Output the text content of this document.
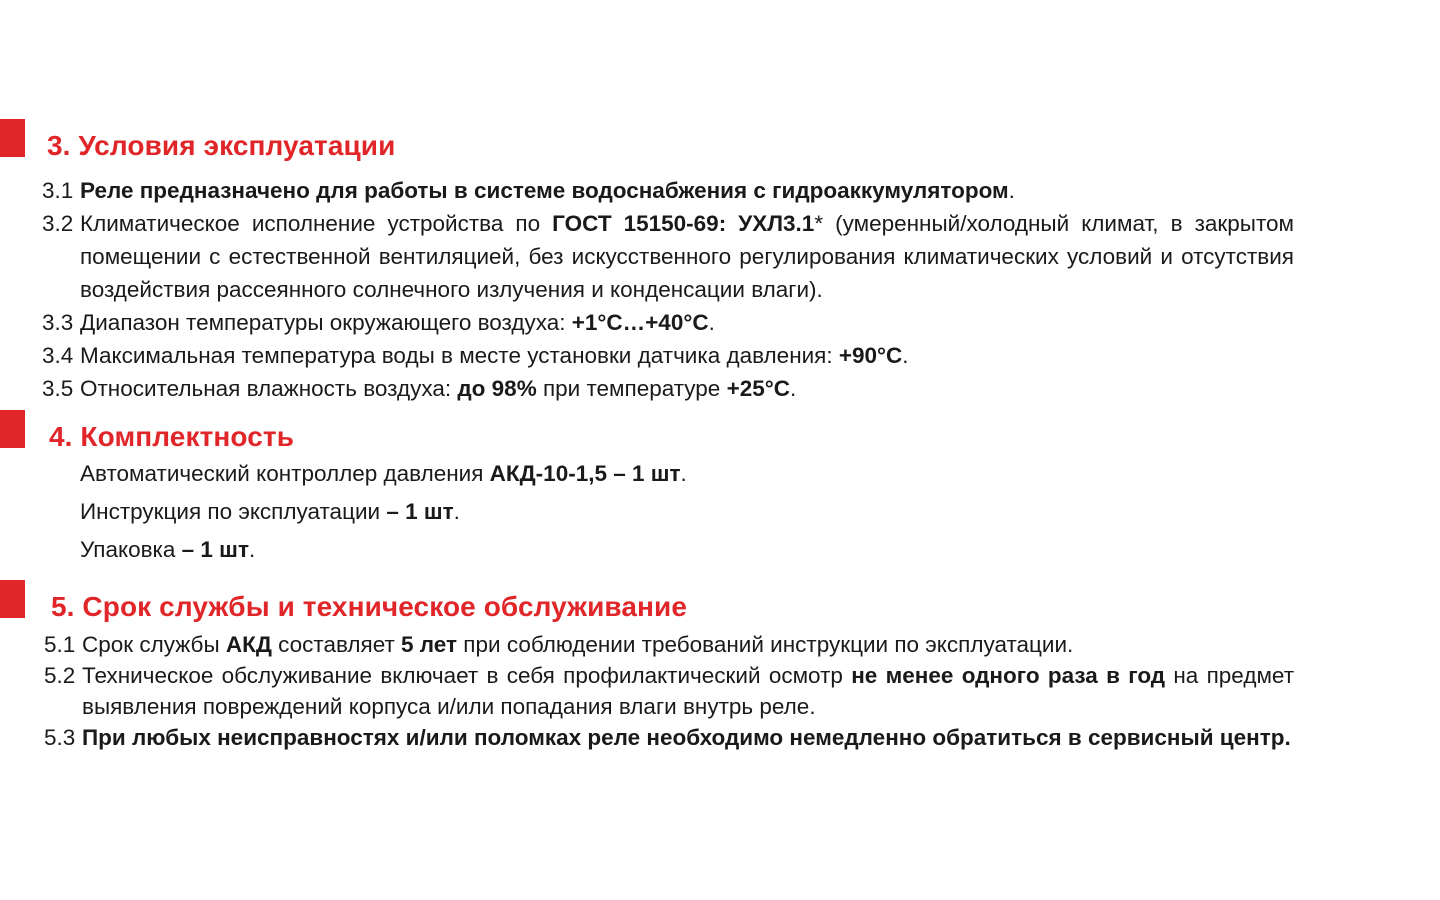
3. Условия эксплуатации
3.1 Реле предназначено для работы в системе водоснабжения с гидроаккумулятором.
3.2 Климатическое исполнение устройства по ГОСТ 15150-69: УХЛ3.1* (умеренный/холодный климат, в закрытом помещении с естественной вентиляцией, без искусственного регулирования климатических условий и отсутствия воздействия рассеянного солнечного излучения и конденсации влаги).
3.3 Диапазон температуры окружающего воздуха: +1°С…+40°С.
3.4 Максимальная температура воды в месте установки датчика давления: +90°С.
3.5 Относительная влажность воздуха: до 98% при температуре +25°С.
4. Комплектность
Автоматический контроллер давления АКД-10-1,5 – 1 шт.
Инструкция по эксплуатации – 1 шт.
Упаковка – 1 шт.
5. Срок службы и техническое обслуживание
5.1 Срок службы АКД составляет 5 лет при соблюдении требований инструкции по эксплуатации.
5.2 Техническое обслуживание включает в себя профилактический осмотр не менее одного раза в год на предмет выявления повреждений корпуса и/или попадания влаги внутрь реле.
5.3 При любых неисправностях и/или поломках реле необходимо немедленно обратиться в сервисный центр.
